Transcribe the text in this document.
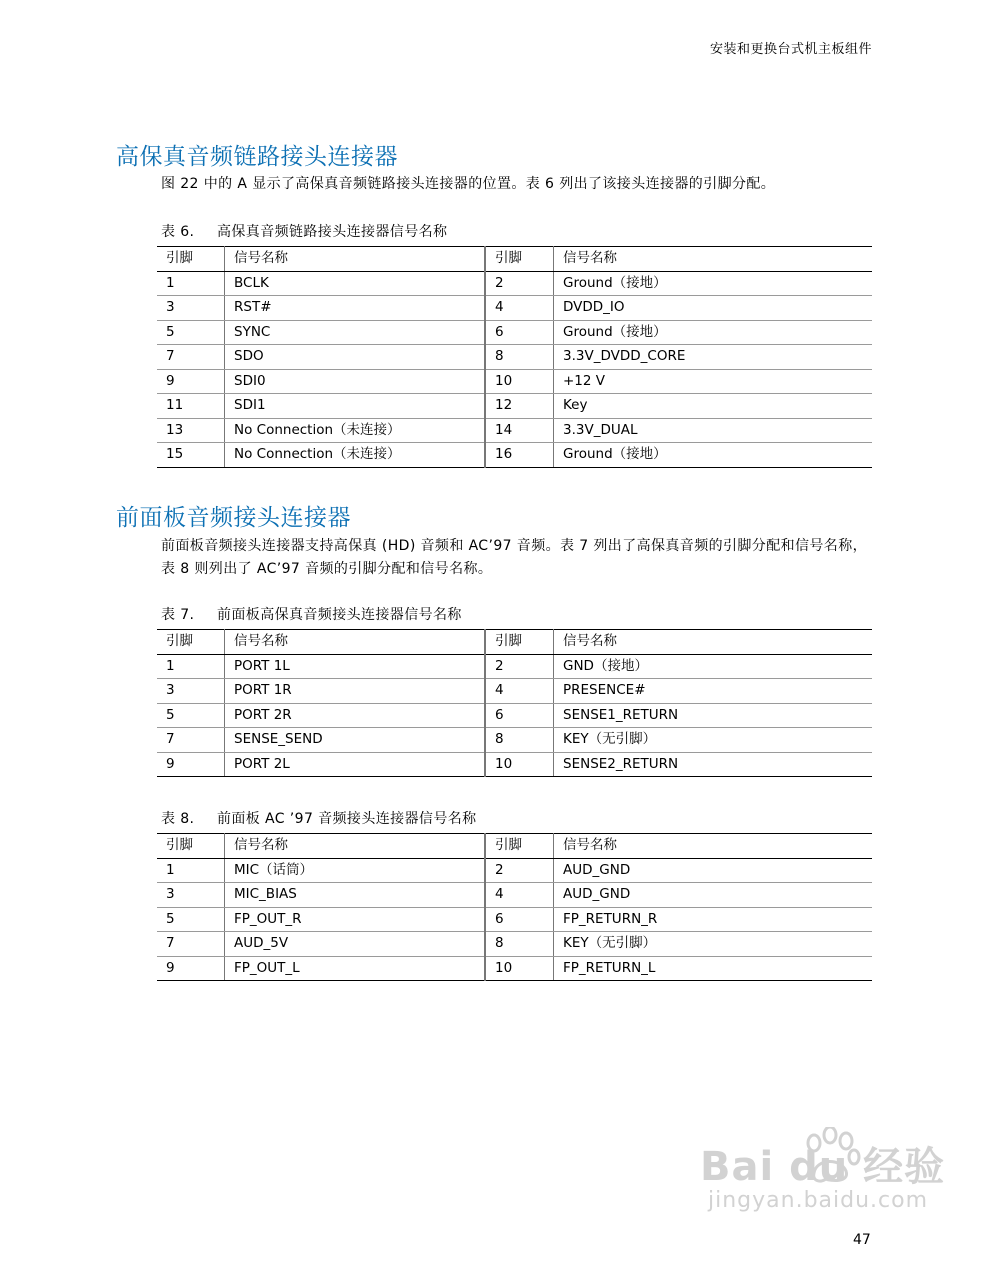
安装和更换台式机主板组件
高保真音频链路接头连接器

图 22 中的 A 显示了高保真音频链路接头连接器的位置。表 6 列出了该接头连接器的引脚分配。

表 6. 高保真音频链路接头连接器信号名称

引脚	信号名称	引脚	信号名称
1	BCLK	2	Ground（接地）
3	RST#	4	DVDD_IO
5	SYNC	6	Ground（接地）
7	SDO	8	3.3V_DVDD_CORE
9	SDI0	10	+12 V
11	SDI1	12	Key
13	No Connection（未连接）	14	3.3V_DUAL
15	No Connection（未连接）	16	Ground（接地）
前面板音频接头连接器

前面板音频接头连接器支持高保真 (HD) 音频和 AC’97 音频。表 7 列出了高保真音频的引脚分配和信号名称，表 8 则列出了 AC’97 音频的引脚分配和信号名称。

表 7. 前面板高保真音频接头连接器信号名称

引脚	信号名称	引脚	信号名称
1	PORT 1L	2	GND（接地）
3	PORT 1R	4	PRESENCE#
5	PORT 2R	6	SENSE1_RETURN
7	SENSE_SEND	8	KEY（无引脚）
9	PORT 2L	10	SENSE2_RETURN

表 8. 前面板 AC ’97 音频接头连接器信号名称

引脚	信号名称	引脚	信号名称
1	MIC（话筒）	2	AUD_GND
3	MIC_BIAS	4	AUD_GND
5	FP_OUT_R	6	FP_RETURN_R
7	AUD_5V	8	KEY（无引脚）
9	FP_OUT_L	10	FP_RETURN_L
Bai du 经验
jingyan.baidu.com
47
